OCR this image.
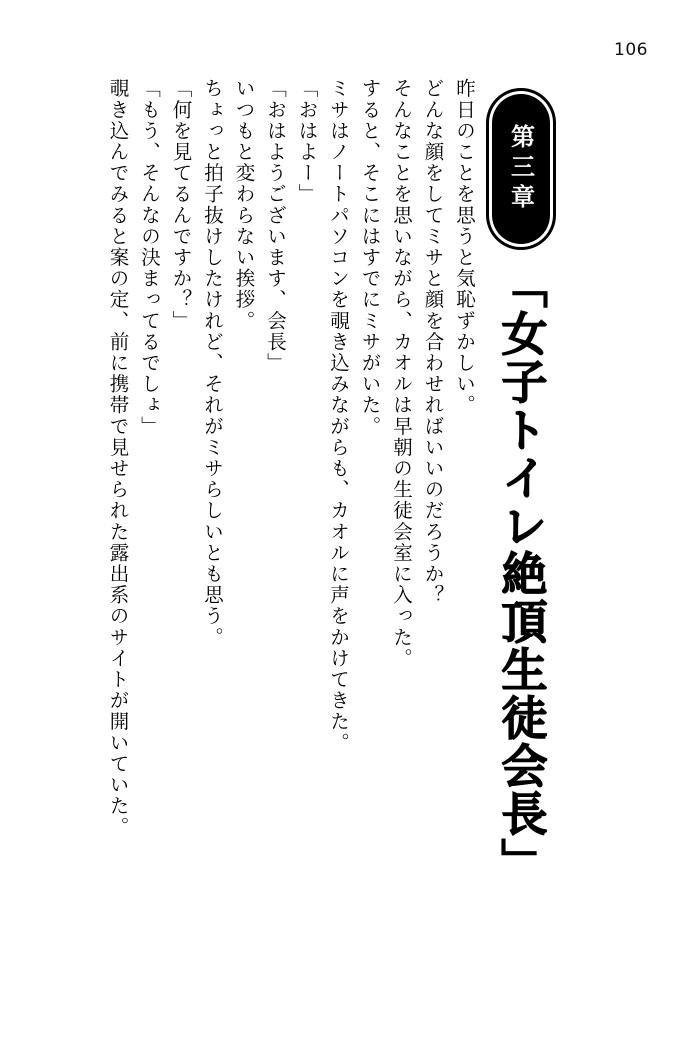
106
覗き込んでみると案の定、前に携帯で見せられた露出系のサイトが開いていた。 「もう、そんなの決まってるでしょ」 「何を見てるんですか？」 ちょっと拍子抜けしたけれど、それがミサらしいとも思う。 いつもと変わらない挨拶。 「おはようございます、会長」 「おはよー」 ミサはノートパソコンを覗き込みながらも、カオルに声をかけてきた。 すると、そこにはすでにミサがいた。 そんなことを思いながら、カオルは早朝の生徒会室に入った。 どんな顔をしてミサと顔を合わせればいいのだろうか？ 昨日のことを思うと気恥ずかしい。 第三章
「女子トイレ絶頂生徒会長」
